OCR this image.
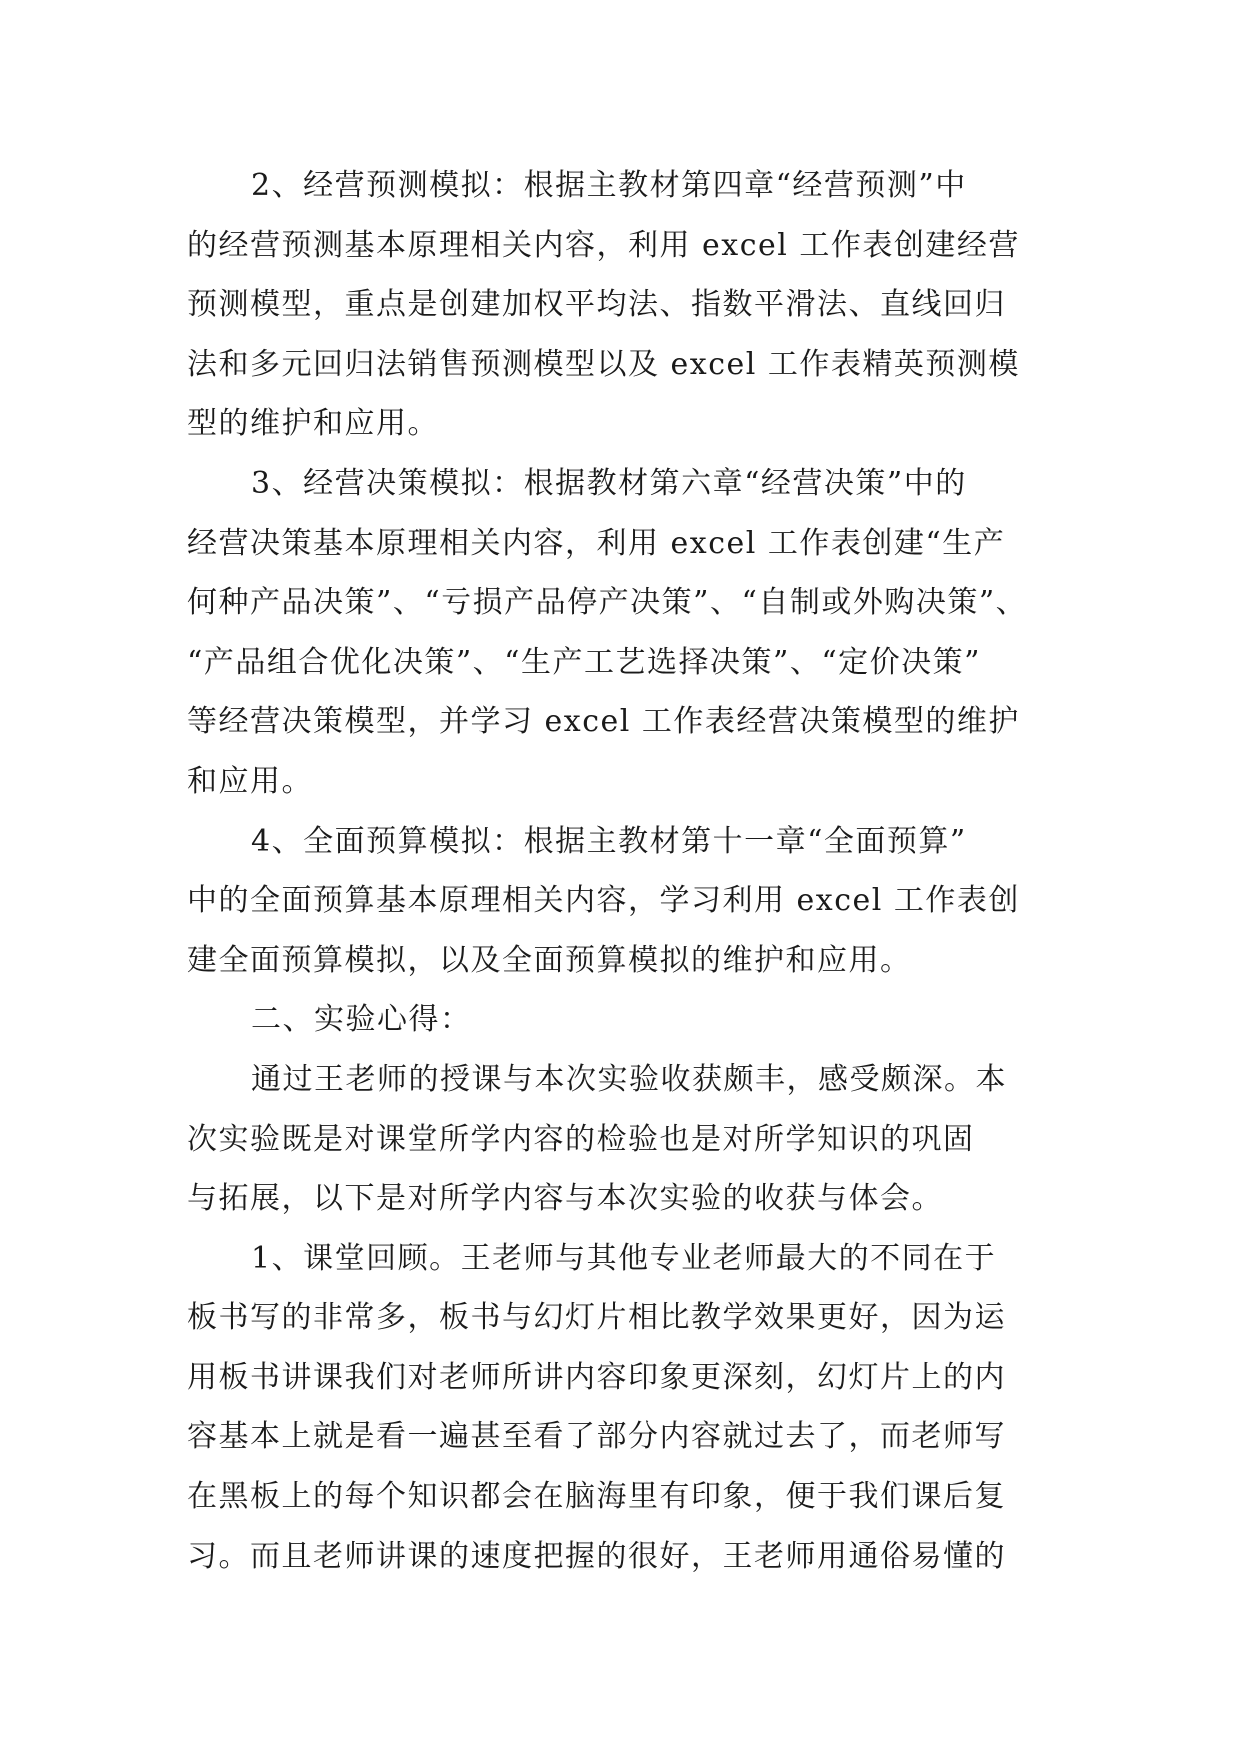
2、经营预测模拟：根据主教材第四章“经营预测”中
的经营预测基本原理相关内容，利用 excel 工作表创建经营
预测模型，重点是创建加权平均法、指数平滑法、直线回归
法和多元回归法销售预测模型以及 excel 工作表精英预测模
型的维护和应用。
3、经营决策模拟：根据教材第六章“经营决策”中的
经营决策基本原理相关内容，利用 excel 工作表创建“生产
何种产品决策”、“亏损产品停产决策”、“自制或外购决策”、
“产品组合优化决策”、“生产工艺选择决策”、“定价决策”
等经营决策模型，并学习 excel 工作表经营决策模型的维护
和应用。
4、全面预算模拟：根据主教材第十一章“全面预算”
中的全面预算基本原理相关内容，学习利用 excel 工作表创
建全面预算模拟，以及全面预算模拟的维护和应用。
二、实验心得：
通过王老师的授课与本次实验收获颇丰，感受颇深。本
次实验既是对课堂所学内容的检验也是对所学知识的巩固
与拓展，以下是对所学内容与本次实验的收获与体会。
1、课堂回顾。王老师与其他专业老师最大的不同在于
板书写的非常多，板书与幻灯片相比教学效果更好，因为运
用板书讲课我们对老师所讲内容印象更深刻，幻灯片上的内
容基本上就是看一遍甚至看了部分内容就过去了，而老师写
在黑板上的每个知识都会在脑海里有印象，便于我们课后复
习。而且老师讲课的速度把握的很好，王老师用通俗易懂的
